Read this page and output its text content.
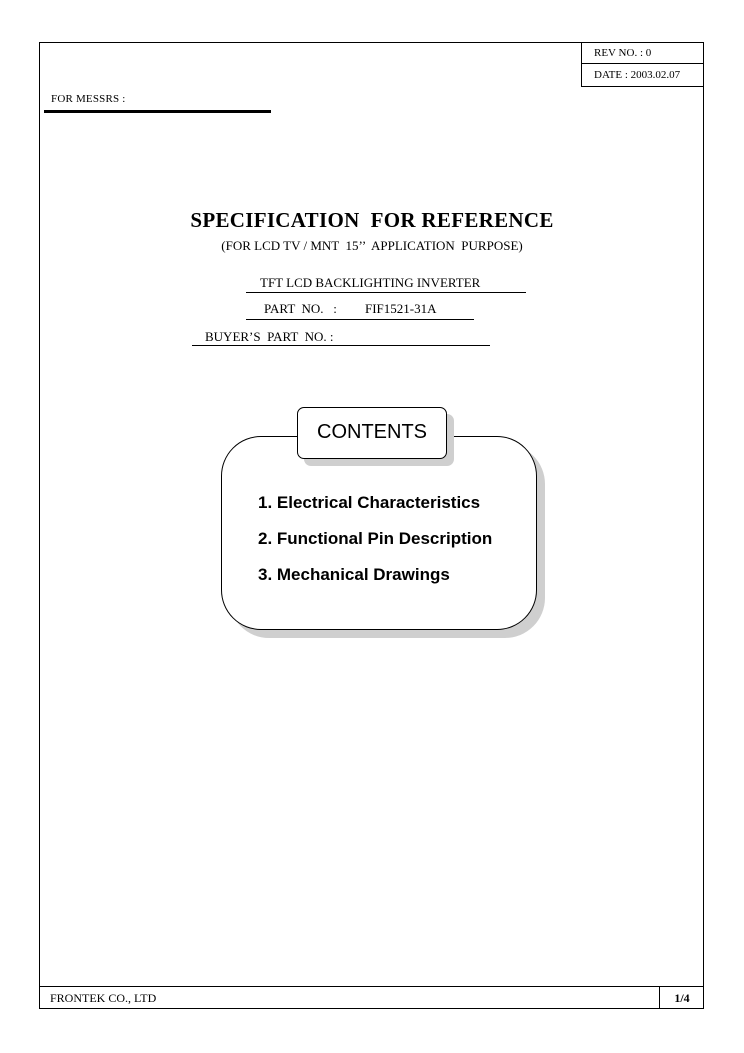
REV NO. : 0
DATE : 2003.02.07
FOR MESSRS :
SPECIFICATION  FOR REFERENCE
(FOR LCD TV / MNT  15’’  APPLICATION  PURPOSE)
TFT LCD BACKLIGHTING INVERTER
PART  NO.   : FIF1521-31A
BUYER’S  PART  NO. :
CONTENTS
1. Electrical Characteristics
2. Functional Pin Description
3. Mechanical Drawings
FRONTEK CO., LTD	1/4
